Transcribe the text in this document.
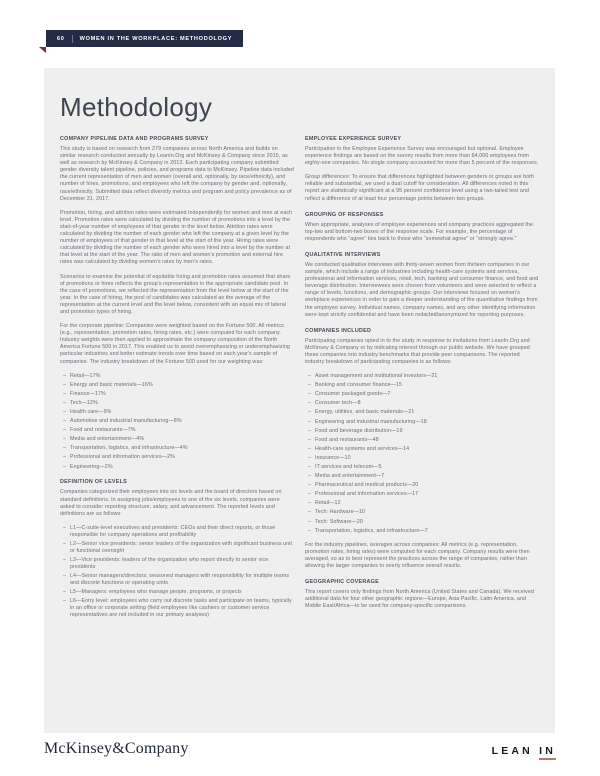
60	WOMEN IN THE WORKPLACE: METHODOLOGY
Methodology
COMPANY PIPELINE DATA AND PROGRAMS SURVEY

This study is based on research from 279 companies across North America and builds on similar research conducted annually by LeanIn.Org and McKinsey & Company since 2015, as well as research by McKinsey & Company in 2012. Each participating company submitted gender diversity talent pipeline, policies, and programs data to McKinsey. Pipeline data included the current representation of men and women (overall and, optionally, by race/ethnicity), and number of hires, promotions, and employees who left the company by gender and, optionally, race/ethnicity. Submitted data reflect diversity metrics and program and policy prevalence as of December 31, 2017.

Promotion, hiring, and attrition rates were estimated independently for women and men at each level. Promotion rates were calculated by dividing the number of promotions into a level by the start-of-year number of employees of that gender in the level below. Attrition rates were calculated by dividing the number of each gender who left the company at a given level by the number of employees of that gender in that level at the start of the year. Hiring rates were calculated by dividing the number of each gender who were hired into a level by the number at that level at the start of the year. The ratio of men and women's promotion and external hire rates was calculated by dividing women's rates by men's rates.

Scenarios to examine the potential of equitable hiring and promotion rates assumed that share of promotions or hires reflects the group's representation in the appropriate candidate pool. In the case of promotions, we reflected the representation from the level below at the start of the year. In the case of hiring, the pool of candidates was calculated as the average of the representation at the current level and the level below, consistent with an equal mix of lateral and promotion types of hiring.

For the corporate pipeline: Companies were weighted based on the Fortune 500. All metrics (e.g., representation, promotion rates, hiring rates, etc.) were computed for each company. Industry weights were then applied to approximate the company composition of the North America Fortune 500 in 2017. This enabled us to avoid overemphasizing or underemphasizing particular industries and better estimate trends over time based on each year's sample of companies. The industry breakdown of the Fortune 500 used for our weighting was:

– Retail—17%
– Energy and basic materials—16%
– Finance—17%
– Tech—12%
– Health care—9%
– Automotive and industrial manufacturing—8%
– Food and restaurants—7%
– Media and entertainment—4%
– Transportation, logistics, and infrastructure—4%
– Professional and information services—2%
– Engineering—2%
DEFINITION OF LEVELS

Companies categorized their employees into six levels and the board of directors based on standard definitions. In assigning jobs/employees to one of the six levels, companies were asked to consider reporting structure, salary, and advancement. The reported levels and definitions are as follows:

– L1—C-suite-level executives and presidents: CEOs and their direct reports, or those responsible for company operations and profitability
– L2—Senior vice presidents: senior leaders of the organization with significant business unit or functional oversight
– L3—Vice presidents: leaders of the organization who report directly to senior vice presidents
– L4—Senior managers/directors: seasoned managers with responsibility for multiple teams and discrete functions or operating units
– L5—Managers: employees who manage people, programs, or projects
– L6—Entry level: employees who carry out discrete tasks and participate on teams, typically in an office or corporate setting (field employees like cashiers or customer service representatives are not included in our primary analyses)
EMPLOYEE EXPERIENCE SURVEY

Participation in the Employee Experience Survey was encouraged but optional. Employee experience findings are based on the survey results from more than 64,000 employees from eighty-one companies. No single company accounted for more than 5 percent of the responses.

Group differences: To ensure that differences highlighted between genders or groups are both reliable and substantial, we used a dual cutoff for consideration. All differences noted in this report are statistically significant at a 95 percent confidence level using a two-tailed test and reflect a difference of at least four percentage points between two groups.

GROUPING OF RESPONSES

When appropriate, analyses of employee experiences and company practices aggregated the top-two and bottom-two boxes of the response scale. For example, the percentage of respondents who “agree” ties back to those who “somewhat agree” or “strongly agree.”

QUALITATIVE INTERVIEWS

We conducted qualitative interviews with thirty-seven women from thirteen companies in our sample, which include a range of industries including health-care systems and services, professional and information services, retail, tech, banking and consumer finance, and food and beverage distribution. Interviewees were chosen from volunteers and were selected to reflect a range of levels, functions, and demographic groups. Our interviews focused on women's workplace experiences in order to gain a deeper understanding of the quantitative findings from the employee survey. Individual names, company names, and any other identifying information were kept strictly confidential and have been redacted/anonymized for reporting purposes.

COMPANIES INCLUDED

Participating companies opted in to the study in response to invitations from LeanIn.Org and McKinsey & Company or by indicating interest through our public website. We have grouped these companies into industry benchmarks that provide peer comparisons. The reported industry breakdown of participating companies is as follows:

– Asset management and institutional investors—21
– Banking and consumer finance—15
– Consumer packaged goods—7
– Consumer tech—8
– Energy, utilities, and basic materials—21
– Engineering and industrial manufacturing—18
– Food and beverage distribution—19
– Food and restaurants—48
– Health-care systems and services—14
– Insurance—10
– IT services and telecom—5
– Media and entertainment—7
– Pharmaceutical and medical products—20
– Professional and information services—17
– Retail—12
– Tech: Hardware—10
– Tech: Software—20
– Transportation, logistics, and infrastructure—7

For the industry pipelines, averages across companies: All metrics (e.g. representation, promotion rates, hiring rates) were computed for each company. Company results were then averaged, so as to best represent the practices across the range of companies, rather than allowing the larger companies to overly influence overall results.

GEOGRAPHIC COVERAGE

This report covers only findings from North America (United States and Canada). We received additional data for four other geographic regions—Europe, Asia Pacific, Latin America, and Middle East/Africa—to be used for company-specific comparisons.

McKinsey&Company	LEAN IN
